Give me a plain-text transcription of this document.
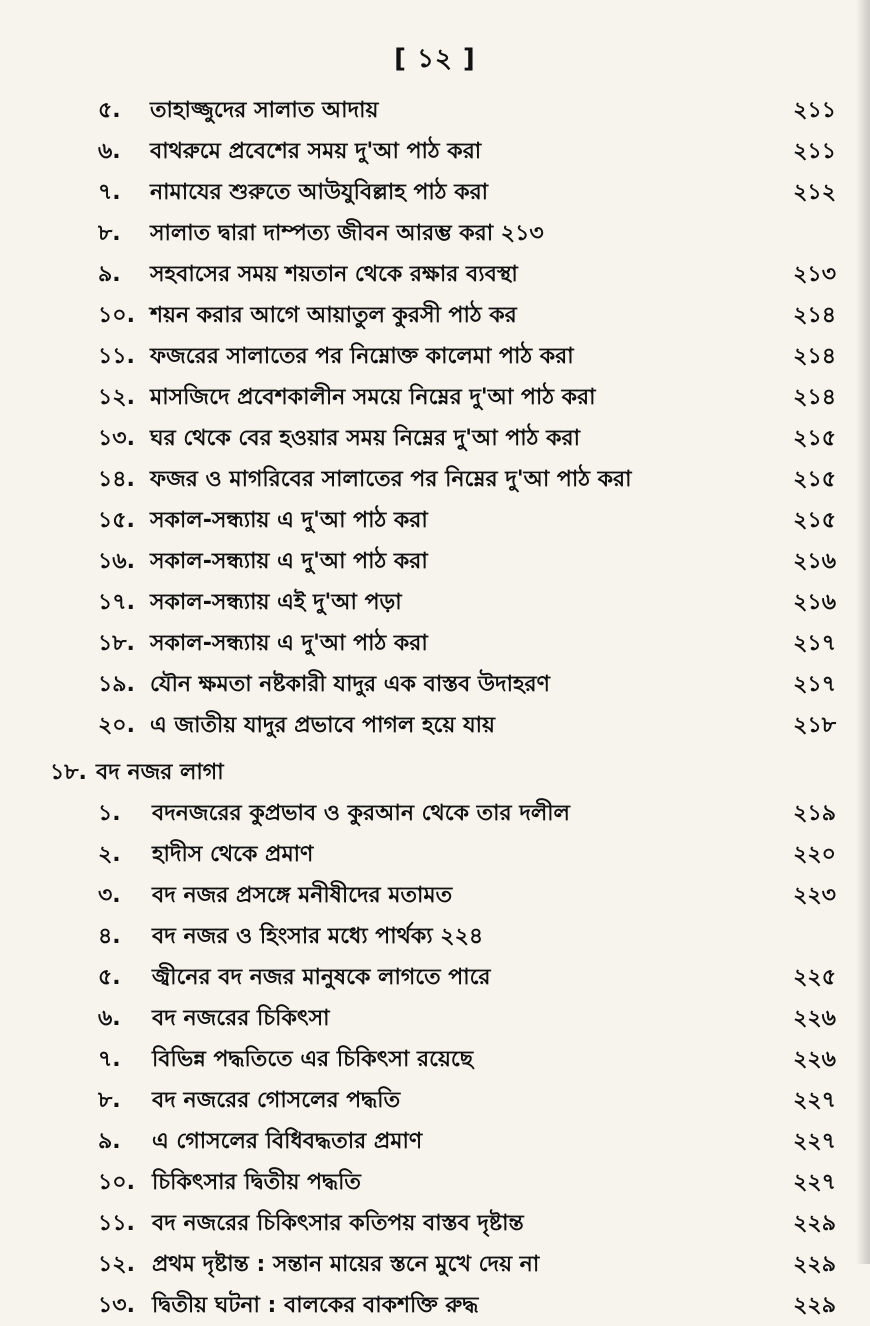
[ ১২ ]
৫.	তাহাজ্জুদের সালাত আদায়	২১১
৬.	বাথরুমে প্রবেশের সময় দু'আ পাঠ করা	২১১
৭.	নামাযের শুরুতে আউযুবিল্লাহ পাঠ করা	২১২
৮.	সালাত দ্বারা দাম্পত্য জীবন আরম্ভ করা ২১৩
৯.	সহবাসের সময় শয়তান থেকে রক্ষার ব্যবস্থা	২১৩
১০. শয়ন করার আগে আয়াতুল কুরসী পাঠ কর	২১৪
১১. ফজরের সালাতের পর নিম্নোক্ত কালেমা পাঠ করা	২১৪
১২. মাসজিদে প্রবেশকালীন সময়ে নিম্নের দু'আ পাঠ করা	২১৪
১৩. ঘর থেকে বের হওয়ার সময় নিম্নের দু'আ পাঠ করা	২১৫
১৪. ফজর ও মাগরিবের সালাতের পর নিম্নের দু'আ পাঠ করা	২১৫
১৫. সকাল-সন্ধ্যায় এ দু'আ পাঠ করা	২১৫
১৬. সকাল-সন্ধ্যায় এ দু'আ পাঠ করা	২১৬
১৭. সকাল-সন্ধ্যায় এই দু'আ পড়া	২১৬
১৮. সকাল-সন্ধ্যায় এ দু'আ পাঠ করা	২১৭
১৯. যৌন ক্ষমতা নষ্টকারী যাদুর এক বাস্তব উদাহরণ	২১৭
২০. এ জাতীয় যাদুর প্রভাবে পাগল হয়ে যায়	২১৮
১৮. বদ নজর লাগা
১.	বদনজরের কুপ্রভাব ও কুরআন থেকে তার দলীল	২১৯
২.	হাদীস থেকে প্রমাণ	২২০
৩.	বদ নজর প্রসঙ্গে মনীষীদের মতামত	২২৩
৪.	বদ নজর ও হিংসার মধ্যে পার্থক্য ২২৪
৫.	জ্বীনের বদ নজর মানুষকে লাগতে পারে	২২৫
৬.	বদ নজরের চিকিৎসা	২২৬
৭.	বিভিন্ন পদ্ধতিতে এর চিকিৎসা রয়েছে	২২৬
৮.	বদ নজরের গোসলের পদ্ধতি	২২৭
৯.	এ গোসলের বিধিবদ্ধতার প্রমাণ	২২৭
১০. চিকিৎসার দ্বিতীয় পদ্ধতি	২২৭
১১. বদ নজরের চিকিৎসার কতিপয় বাস্তব দৃষ্টান্ত	২২৯
১২. প্রথম দৃষ্টান্ত : সন্তান মায়ের স্তনে মুখে দেয় না	২২৯
১৩. দ্বিতীয় ঘটনা : বালকের বাকশক্তি রুদ্ধ	২২৯
